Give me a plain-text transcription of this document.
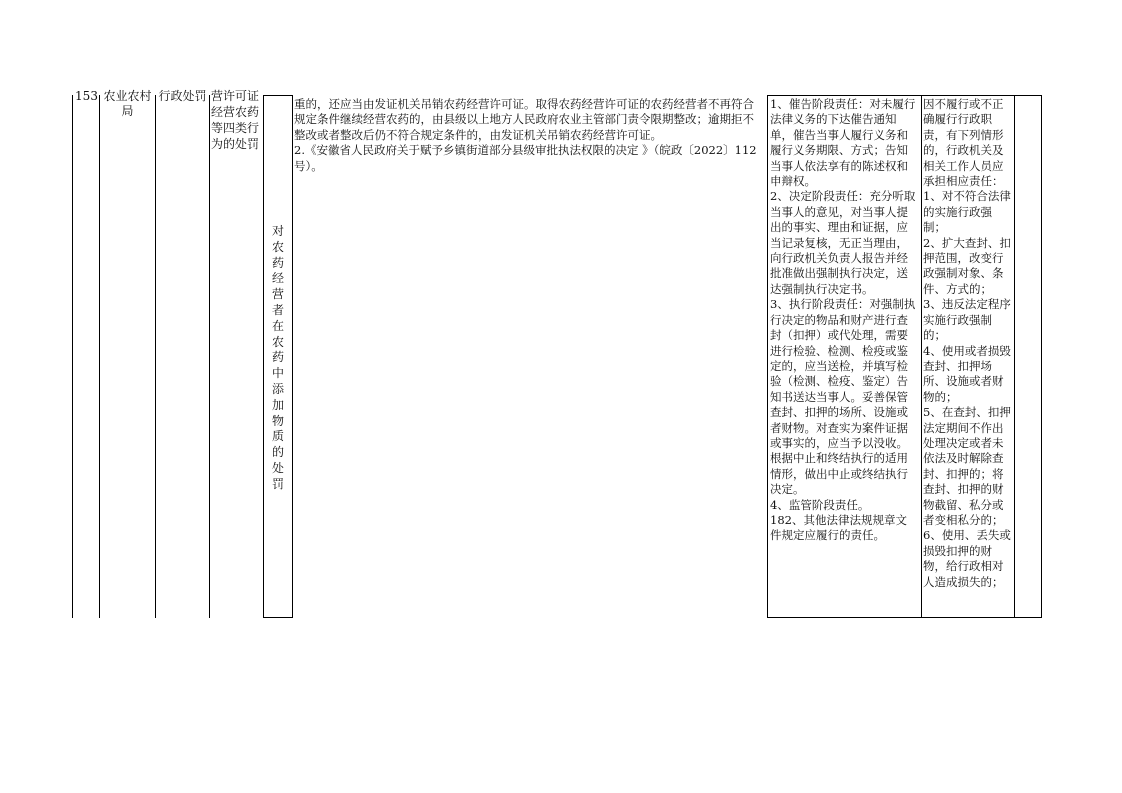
153 农业农村局
行政处罚 营许可证
经营农药等四类行为的处罚
对农药经营者在农药中添加物质的处罚
重的，还应当由发证机关吊销农药经营许可证。取得农药经营许可证的农药经营者不再符合规定条件继续经营农药的，由县级以上地方人民政府农业主管部门责令限期整改；逾期拒不整改或者整改后仍不符合规定条件的，由发证机关吊销农药经营许可证。
2.《安徽省人民政府关于赋予乡镇街道部分县级审批执法权限的决定 》（皖政〔2022〕112号）。
1、催告阶段责任：对未履行法律义务的下达催告通知单，催告当事人履行义务和履行义务期限、方式；告知当事人依法享有的陈述权和申辩权。
2、决定阶段责任：充分听取当事人的意见，对当事人提出的事实、理由和证据，应当记录复核，无正当理由，向行政机关负责人报告并经批准做出强制执行决定，送达强制执行决定书。
3、执行阶段责任：对强制执行决定的物品和财产进行查封（扣押）或代处理，需要进行检验、检测、检疫或鉴定的，应当送检，并填写检验（检测、检疫、鉴定）告知书送达当事人。妥善保管查封、扣押的场所、设施或者财物。对查实为案件证据或事实的，应当予以没收。根据中止和终结执行的适用情形，做出中止或终结执行决定。
4、监管阶段责任。
182、其他法律法规规章文件规定应履行的责任。
因不履行或不正确履行行政职责，有下列情形的，行政机关及相关工作人员应承担相应责任：
1、对不符合法律的实施行政强制；
2、扩大查封、扣押范围，改变行政强制对象、条件、方式的；
3、违反法定程序实施行政强制的；
4、使用或者损毁查封、扣押场所、设施或者财物的；
5、在查封、扣押法定期间不作出处理决定或者未依法及时解除查封、扣押的；将查封、扣押的财物截留、私分或者变相私分的；
6、使用、丢失或损毁扣押的财物，给行政相对人造成损失的；
